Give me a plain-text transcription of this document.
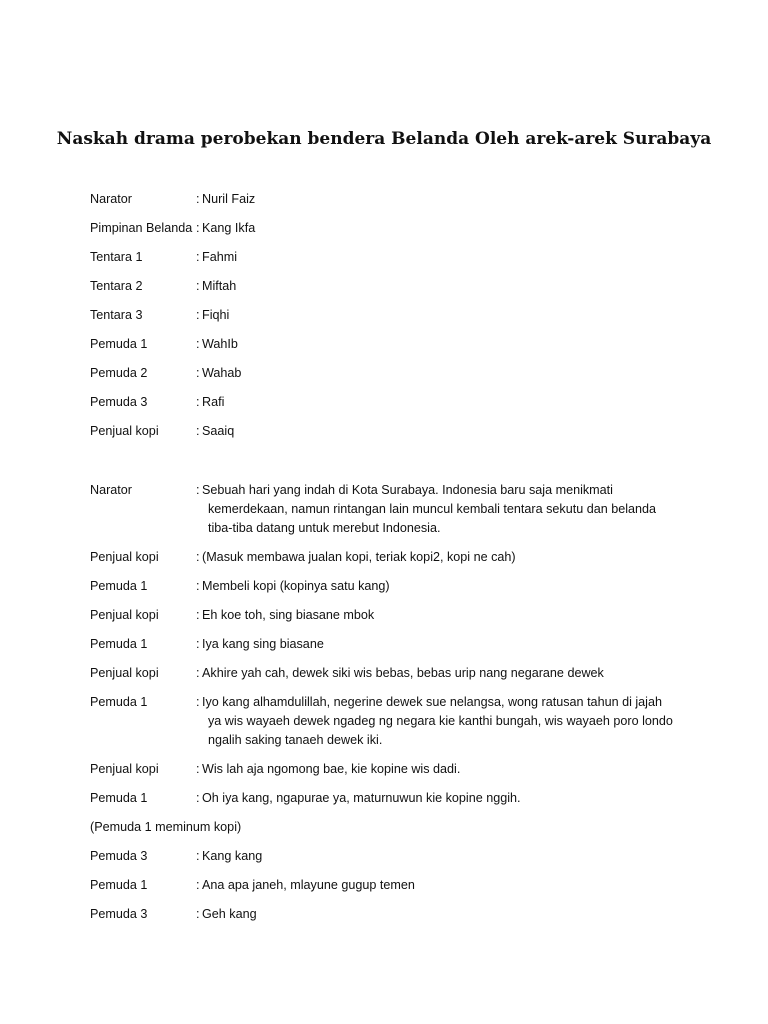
Naskah drama perobekan bendera Belanda Oleh arek-arek Surabaya
Narator	: Nuril Faiz
Pimpinan Belanda : Kang Ikfa
Tentara 1	: Fahmi
Tentara 2	: Miftah
Tentara 3	: Fiqhi
Pemuda 1	: WahIb
Pemuda 2	: Wahab
Pemuda 3	: Rafi
Penjual kopi	: Saaiq
Narator	: Sebuah hari yang indah di Kota Surabaya. Indonesia baru saja menikmati
kemerdekaan, namun rintangan lain muncul kembali tentara sekutu dan belanda
tiba-tiba datang untuk merebut Indonesia.
Penjual kopi	: (Masuk membawa jualan kopi, teriak kopi2, kopi ne cah)
Pemuda 1	: Membeli kopi (kopinya satu kang)
Penjual kopi	: Eh koe toh, sing biasane mbok
Pemuda 1	: Iya kang sing biasane
Penjual kopi	: Akhire yah cah, dewek siki wis bebas, bebas urip nang negarane dewek
Pemuda 1	: Iyo kang alhamdulillah, negerine dewek sue nelangsa, wong ratusan tahun di jajah
ya wis wayaeh dewek ngadeg ng negara kie kanthi bungah, wis wayaeh poro londo
ngalih saking tanaeh dewek iki.
Penjual kopi	: Wis lah aja ngomong bae, kie kopine wis dadi.
Pemuda 1	: Oh iya kang, ngapurae ya, maturnuwun kie kopine nggih.
(Pemuda 1 meminum kopi)
Pemuda 3	: Kang kang
Pemuda 1	: Ana apa janeh, mlayune gugup temen
Pemuda 3	: Geh kang
